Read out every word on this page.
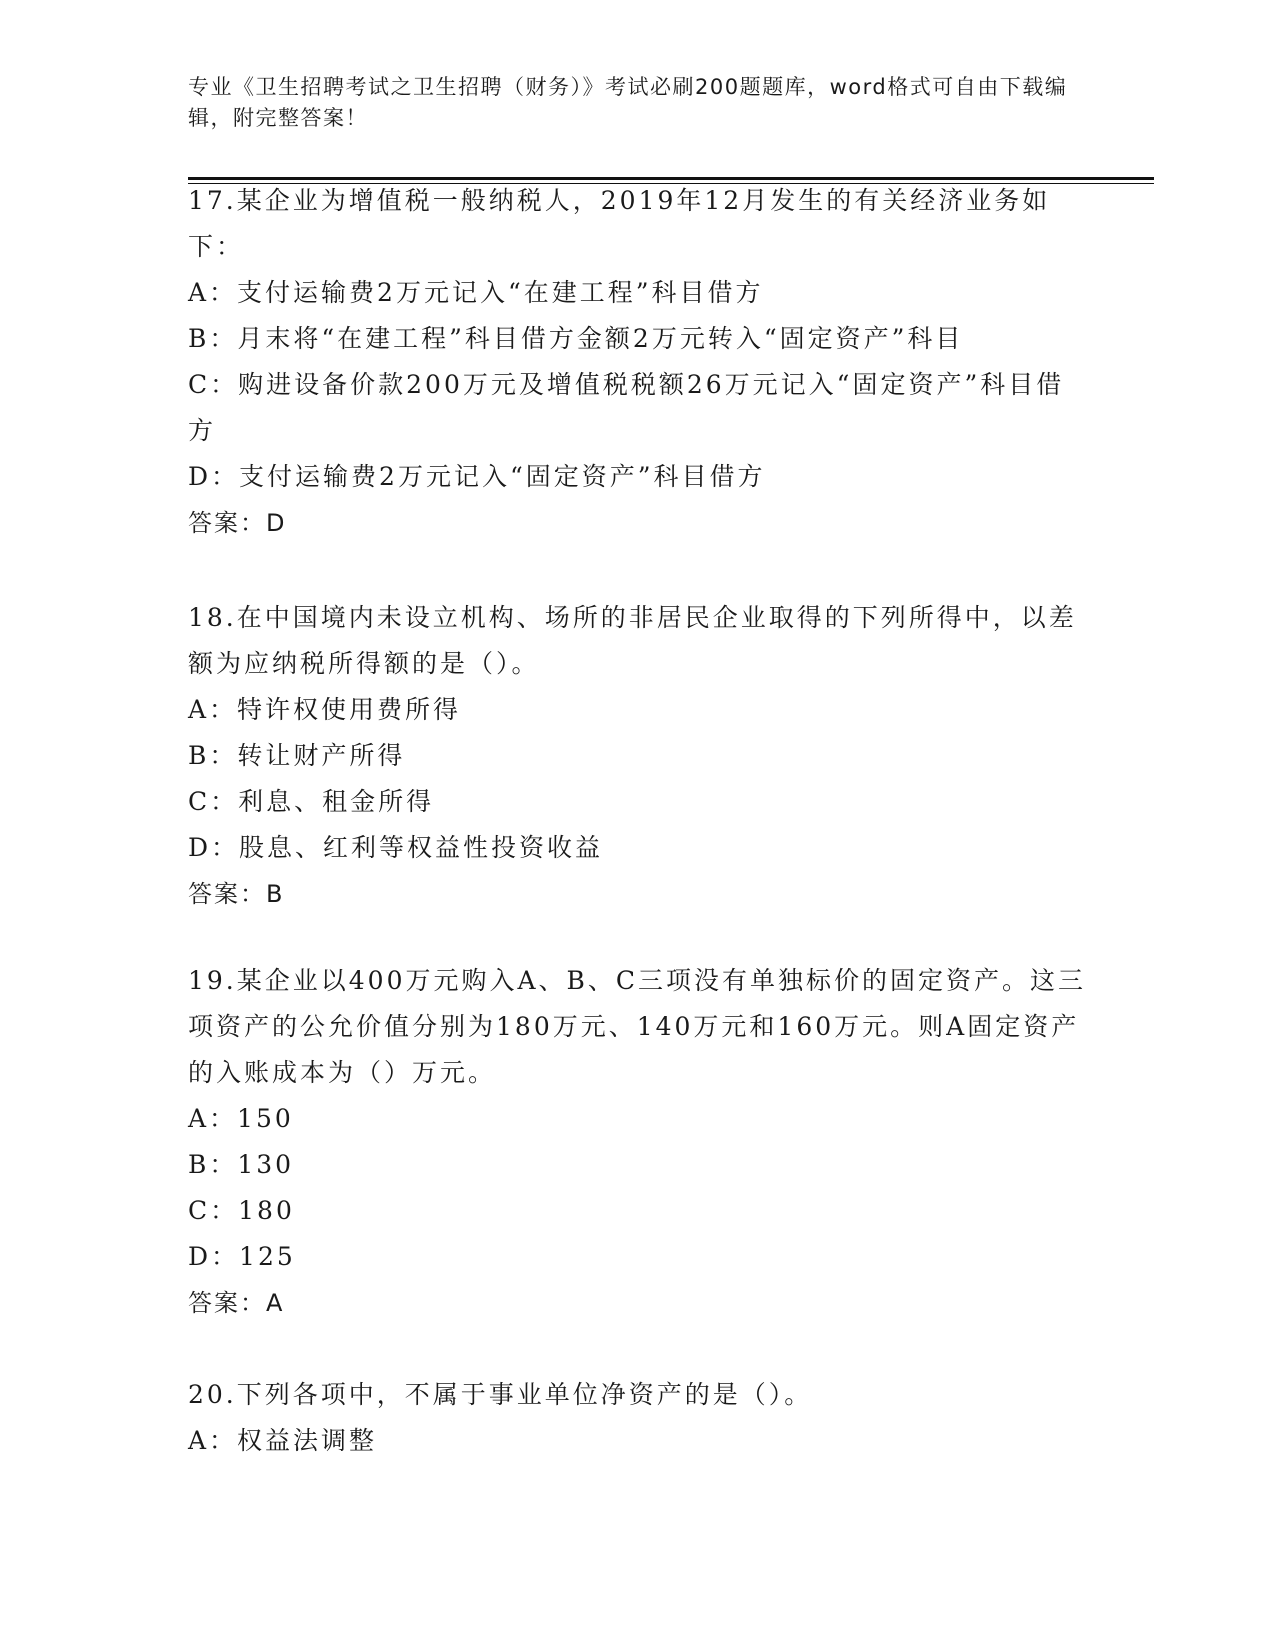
专业《卫生招聘考试之卫生招聘（财务）》考试必刷200题题库，word格式可自由下载编辑，附完整答案！
17.某企业为增值税一般纳税人，2019年12月发生的有关经济业务如下：
A：支付运输费2万元记入“在建工程”科目借方
B：月末将“在建工程”科目借方金额2万元转入“固定资产”科目
C：购进设备价款200万元及增值税税额26万元记入“固定资产”科目借方
D：支付运输费2万元记入“固定资产”科目借方
答案：D
18.在中国境内未设立机构、场所的非居民企业取得的下列所得中，以差额为应纳税所得额的是（）。
A：特许权使用费所得
B：转让财产所得
C：利息、租金所得
D：股息、红利等权益性投资收益
答案：B
19.某企业以400万元购入A、B、C三项没有单独标价的固定资产。这三项资产的公允价值分别为180万元、140万元和160万元。则A固定资产的入账成本为（）万元。
A：150
B：130
C：180
D：125
答案：A
20.下列各项中，不属于事业单位净资产的是（）。
A：权益法调整
